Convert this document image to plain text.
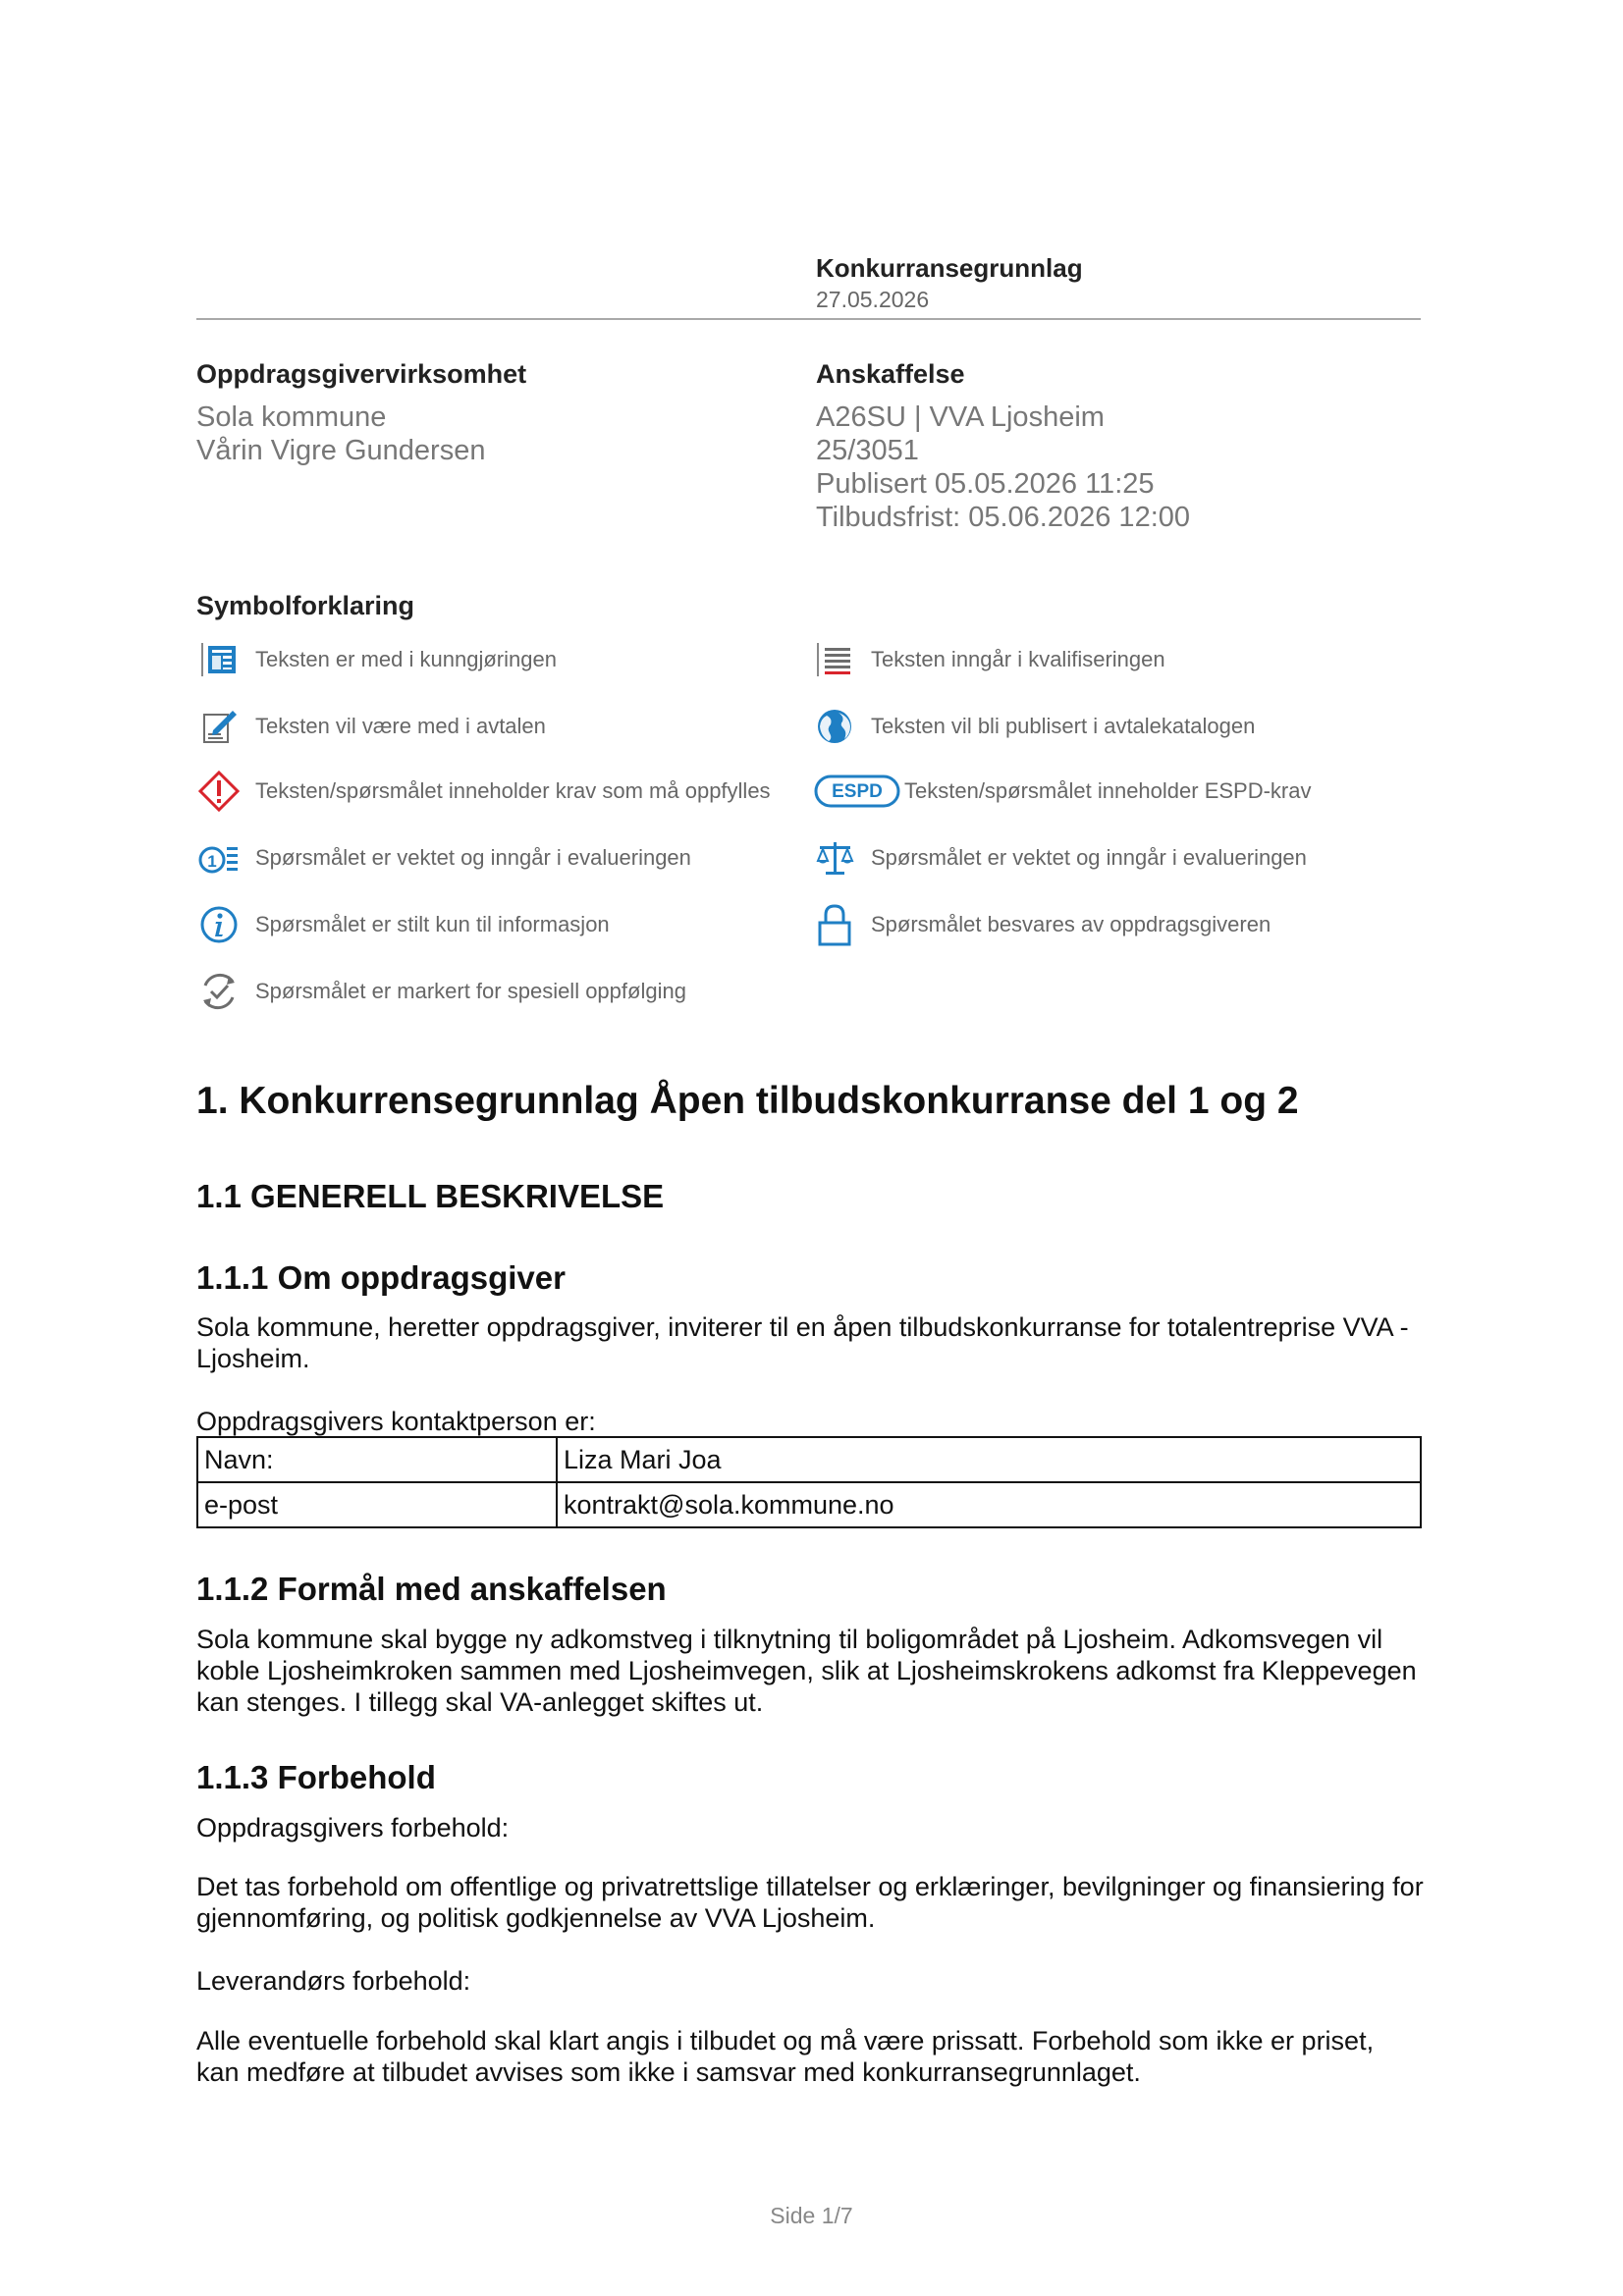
Konkurransegrunnlag
27.05.2026
Oppdragsgivervirksomhet
Sola kommune
Vårin Vigre Gundersen
Anskaffelse
A26SU | VVA Ljosheim
25/3051
Publisert 05.05.2026 11:25
Tilbudsfrist: 05.06.2026 12:00
Symbolforklaring
Teksten er med i kunngjøringen	Teksten inngår i kvalifiseringen
Teksten vil være med i avtalen	Teksten vil bli publisert i avtalekatalogen
Teksten/spørsmålet inneholder krav som må oppfylles	ESPD Teksten/spørsmålet inneholder ESPD-krav
1 Spørsmålet er vektet og inngår i evalueringen	Spørsmålet er vektet og inngår i evalueringen
Spørsmålet er stilt kun til informasjon	Spørsmålet besvares av oppdragsgiveren
Spørsmålet er markert for spesiell oppfølging
1. Konkurrensegrunnlag Åpen tilbudskonkurranse del 1 og 2
1.1 GENERELL BESKRIVELSE
1.1.1 Om oppdragsgiver

Sola kommune, heretter oppdragsgiver, inviterer til en åpen tilbudskonkurranse for totalentreprise VVA - Ljosheim.

Oppdragsgivers kontaktperson er:

Navn:	Liza Mari Joa
e-post	kontrakt@sola.kommune.no
1.1.2 Formål med anskaffelsen

Sola kommune skal bygge ny adkomstveg i tilknytning til boligområdet på Ljosheim. Adkomsvegen vil koble Ljosheimkroken sammen med Ljosheimvegen, slik at Ljosheimskrokens adkomst fra Kleppevegen kan stenges. I tillegg skal VA-anlegget skiftes ut.

1.1.3 Forbehold

Oppdragsgivers forbehold:

Det tas forbehold om offentlige og privatrettslige tillatelser og erklæringer, bevilgninger og finansiering for gjennomføring, og politisk godkjennelse av VVA Ljosheim.

Leverandørs forbehold:

Alle eventuelle forbehold skal klart angis i tilbudet og må være prissatt. Forbehold som ikke er priset, kan medføre at tilbudet avvises som ikke i samsvar med konkurransegrunnlaget.

Side 1/7
